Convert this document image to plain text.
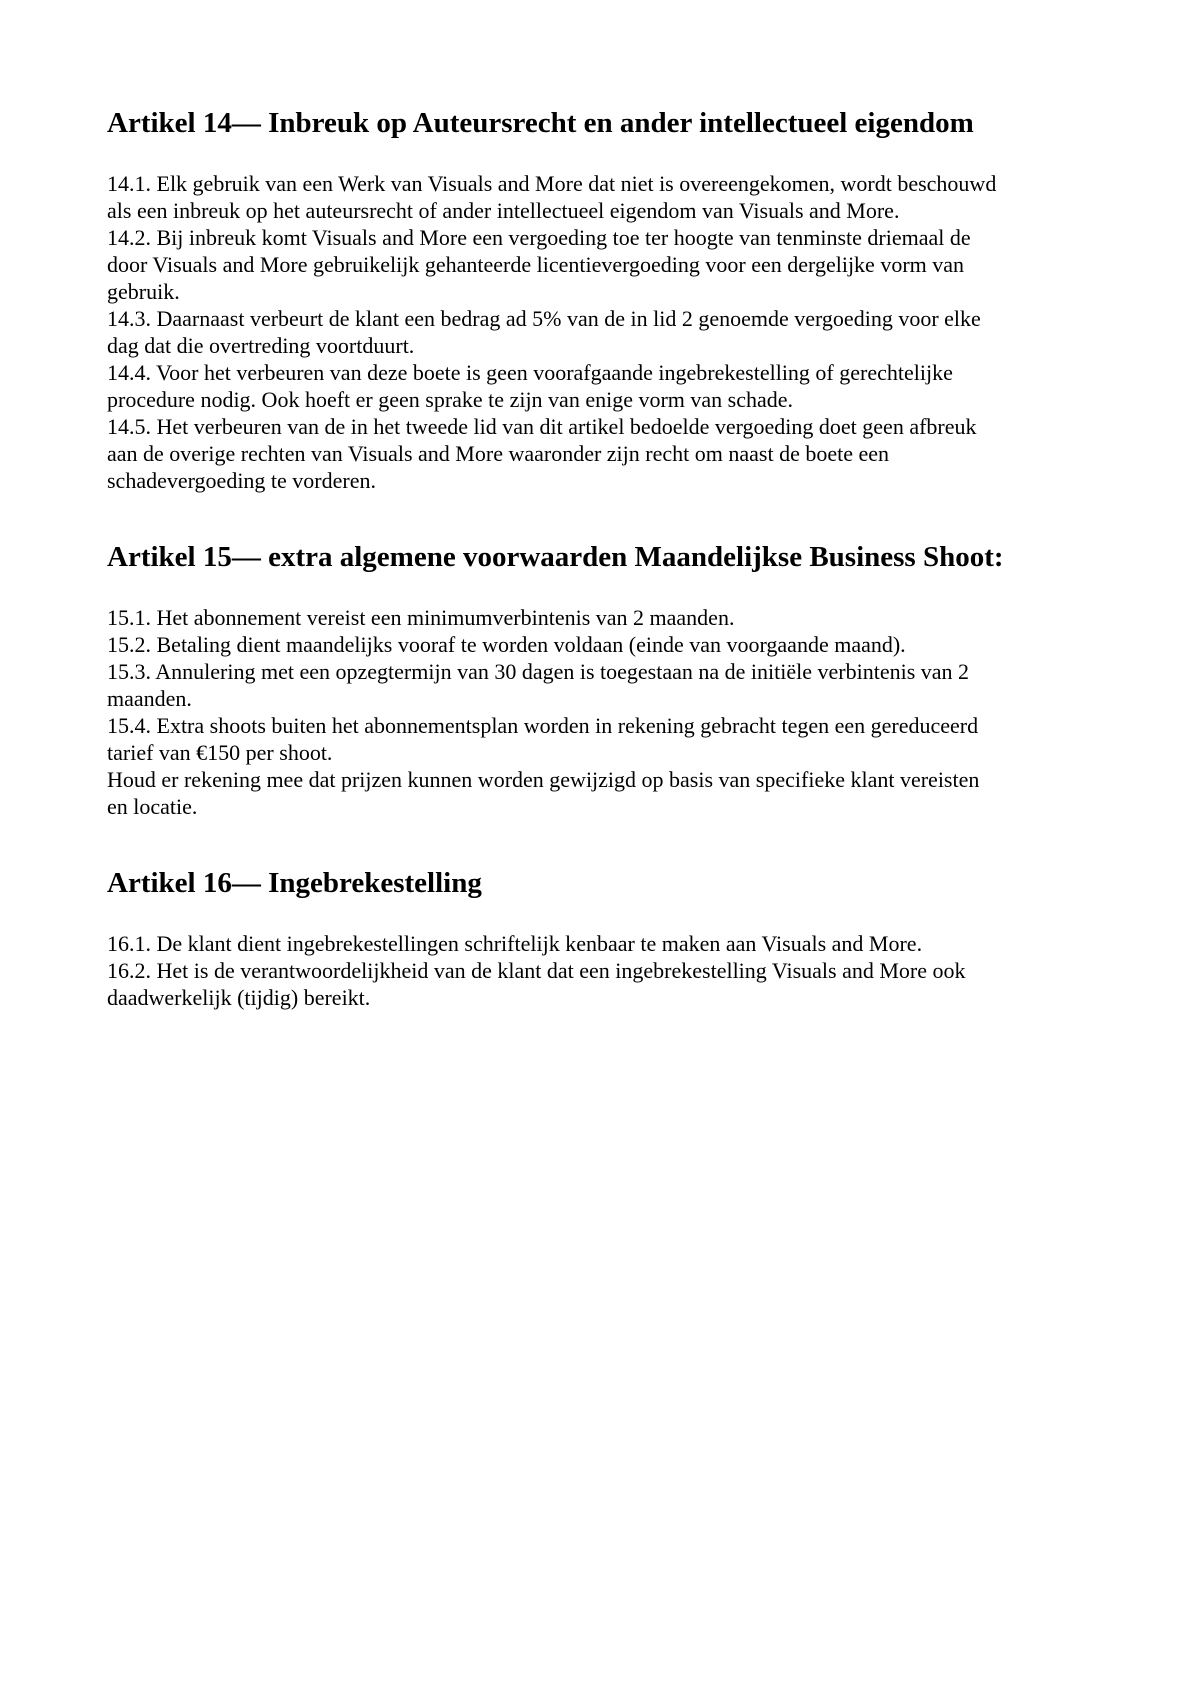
Artikel 14— Inbreuk op Auteursrecht en ander intellectueel eigendom

14.1. Elk gebruik van een Werk van Visuals and More dat niet is overeengekomen, wordt beschouwd als een inbreuk op het auteursrecht of ander intellectueel eigendom van Visuals and More.

14.2. Bij inbreuk komt Visuals and More een vergoeding toe ter hoogte van tenminste driemaal de door Visuals and More gebruikelijk gehanteerde licentievergoeding voor een dergelijke vorm van gebruik.

14.3. Daarnaast verbeurt de klant een bedrag ad 5% van de in lid 2 genoemde vergoeding voor elke dag dat die overtreding voortduurt.

14.4. Voor het verbeuren van deze boete is geen voorafgaande ingebrekestelling of gerechtelijke procedure nodig. Ook hoeft er geen sprake te zijn van enige vorm van schade.

14.5. Het verbeuren van de in het tweede lid van dit artikel bedoelde vergoeding doet geen afbreuk aan de overige rechten van Visuals and More waaronder zijn recht om naast de boete een schadevergoeding te vorderen.

Artikel 15— extra algemene voorwaarden Maandelijkse Business Shoot:

15.1. Het abonnement vereist een minimumverbintenis van 2 maanden.

15.2. Betaling dient maandelijks vooraf te worden voldaan (einde van voorgaande maand).

15.3. Annulering met een opzegtermijn van 30 dagen is toegestaan na de initiële verbintenis van 2 maanden.

15.4. Extra shoots buiten het abonnementsplan worden in rekening gebracht tegen een gereduceerd tarief van €150 per shoot.

Houd er rekening mee dat prijzen kunnen worden gewijzigd op basis van specifieke klant vereisten en locatie.

Artikel 16— Ingebrekestelling

16.1. De klant dient ingebrekestellingen schriftelijk kenbaar te maken aan Visuals and More.

16.2. Het is de verantwoordelijkheid van de klant dat een ingebrekestelling Visuals and More ook daadwerkelijk (tijdig) bereikt.
